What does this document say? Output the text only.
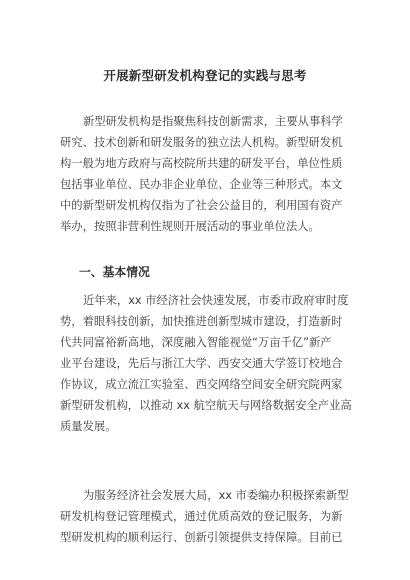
开展新型研发机构登记的实践与思考
新型研发机构是指聚焦科技创新需求，主要从事科学
研究、技术创新和研发服务的独立法人机构。新型研发机
构一般为地方政府与高校院所共建的研发平台，单位性质
包括事业单位、民办非企业单位、企业等三种形式。本文
中的新型研发机构仅指为了社会公益目的，利用国有资产
举办，按照非营利性规则开展活动的事业单位法人。
一、基本情况
近年来，xx 市经济社会快速发展，市委市政府审时度
势，着眼科技创新，加快推进创新型城市建设，打造新时
代共同富裕新高地，深度融入智能视觉“万亩千亿”新产
业平台建设，先后与浙江大学、西安交通大学签订校地合
作协议，成立流江实验室、西交网络空间安全研究院两家
新型研发机构，以推动 xx 航空航天与网络数据安全产业高
质量发展。
为服务经济社会发展大局，xx 市委编办积极探索新型
研发机构登记管理模式，通过优质高效的登记服务，为新
型研发机构的顺利运行、创新引领提供支持保障。目前已
